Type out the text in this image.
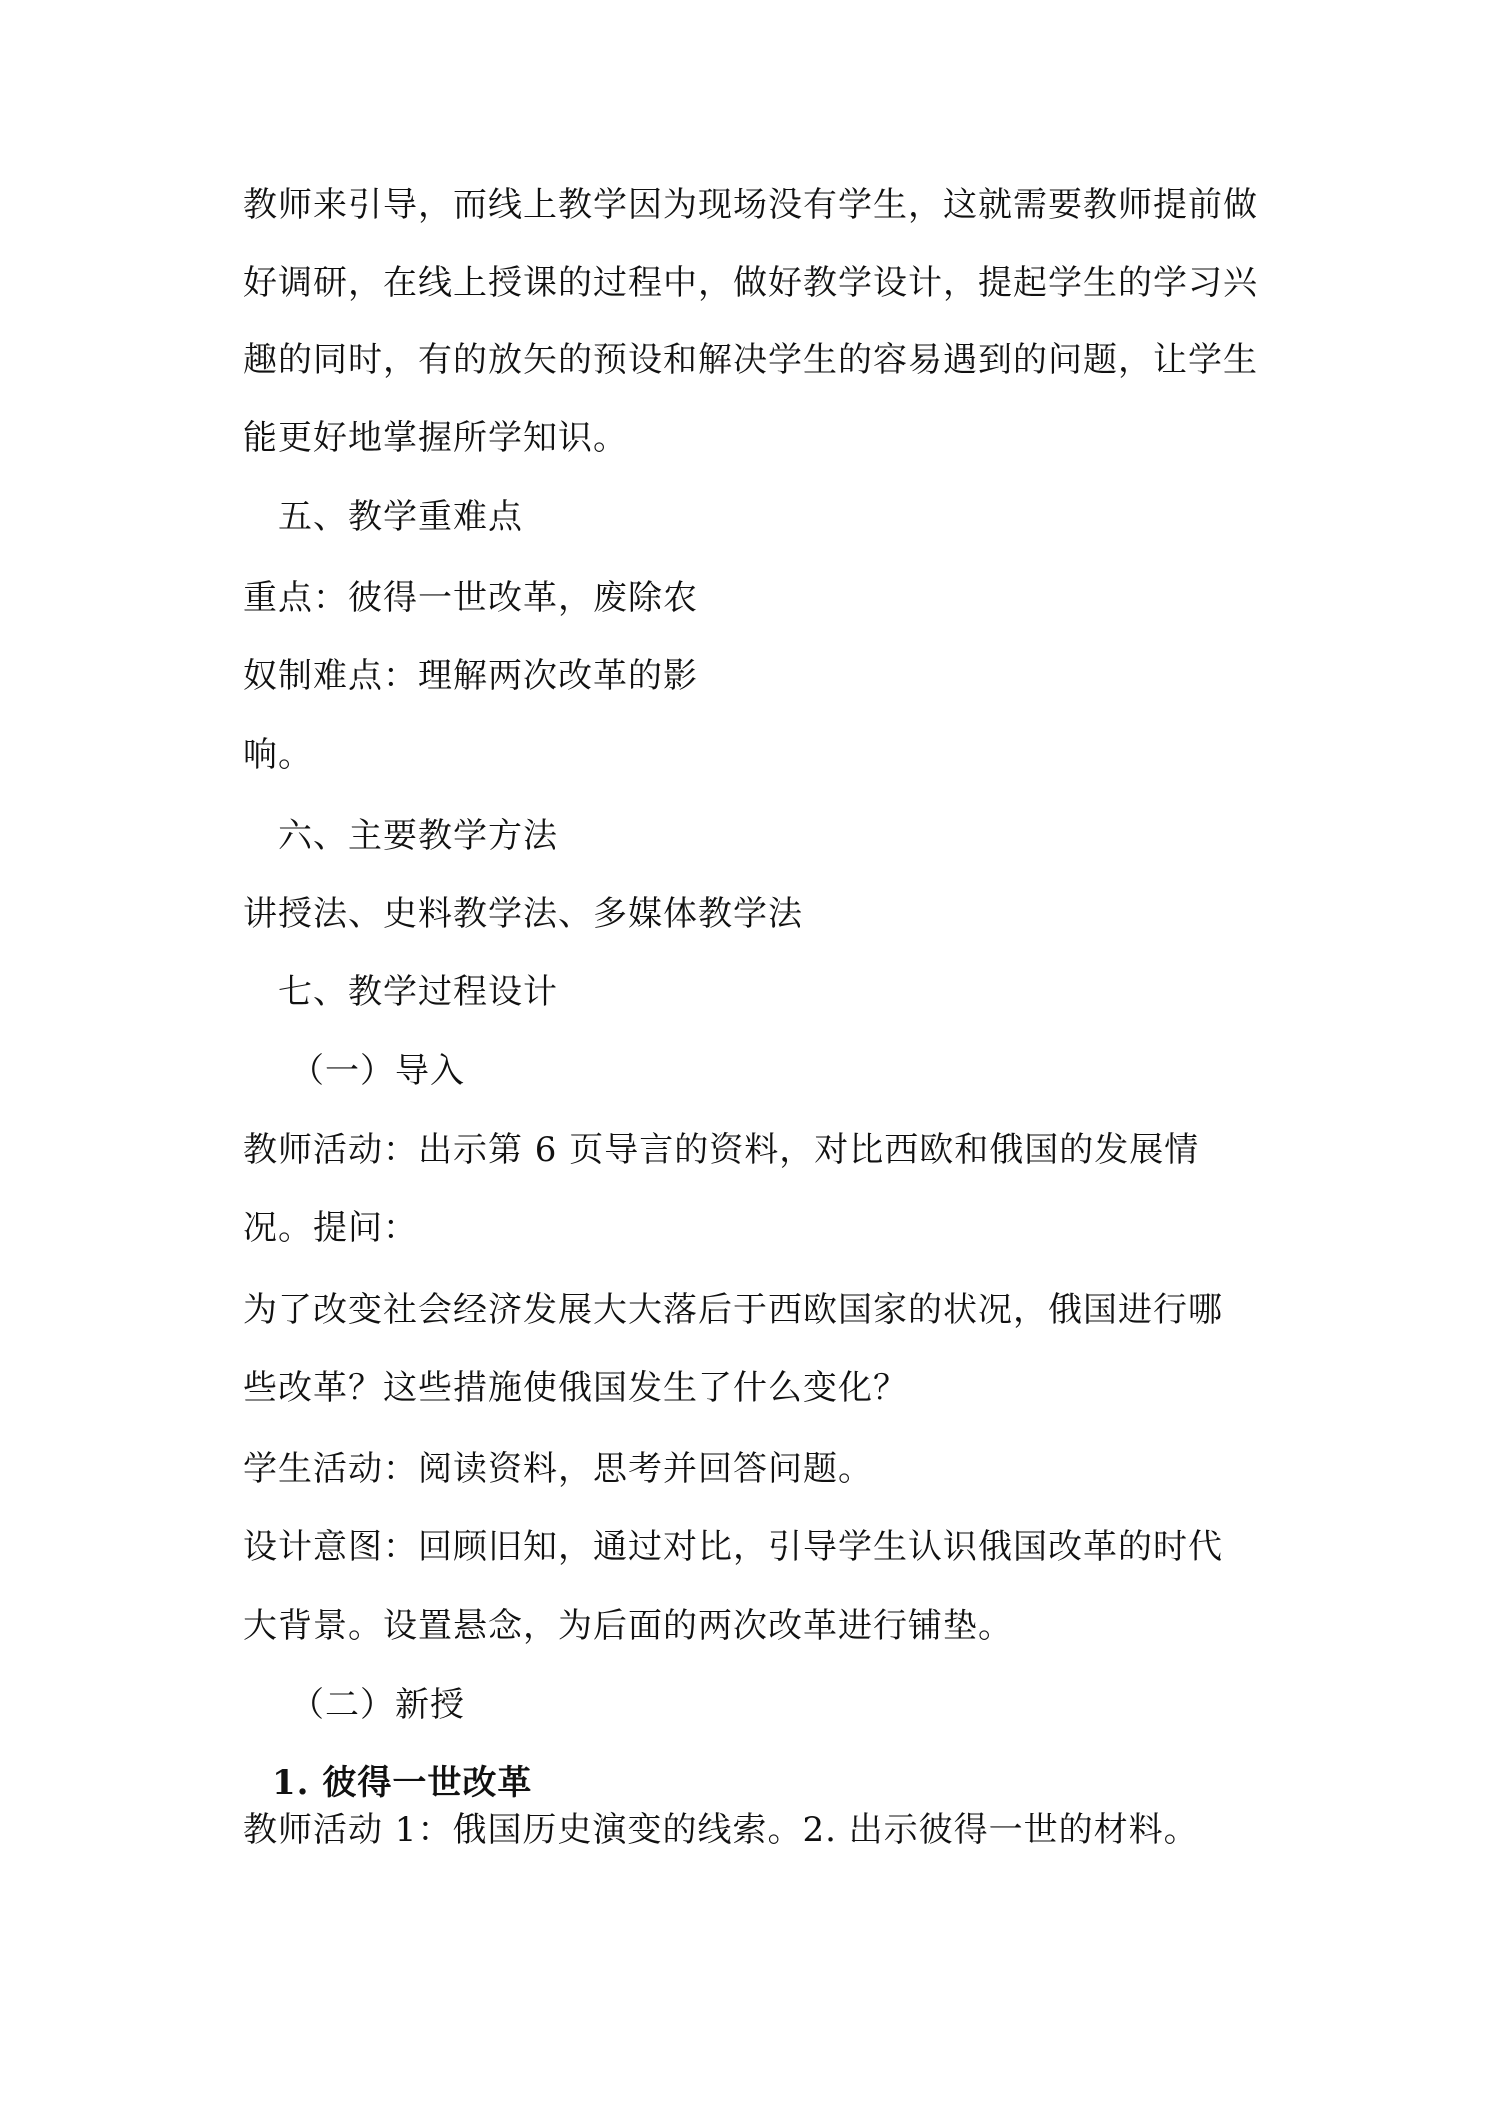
教师来引导，而线上教学因为现场没有学生，这就需要教师提前做
好调研，在线上授课的过程中，做好教学设计，提起学生的学习兴
趣的同时，有的放矢的预设和解决学生的容易遇到的问题，让学生
能更好地掌握所学知识。
五、教学重难点
重点：彼得一世改革，废除农
奴制难点：理解两次改革的影
响。
六、主要教学方法
讲授法、史料教学法、多媒体教学法
七、教学过程设计
（一）导入
教师活动：出示第 6 页导言的资料，对比西欧和俄国的发展情
况。提问：
为了改变社会经济发展大大落后于西欧国家的状况，俄国进行哪
些改革？这些措施使俄国发生了什么变化？
学生活动：阅读资料，思考并回答问题。
设计意图：回顾旧知，通过对比，引导学生认识俄国改革的时代
大背景。设置悬念，为后面的两次改革进行铺垫。
（二）新授
1. 彼得一世改革
教师活动 1：俄国历史演变的线索。2. 出示彼得一世的材料。
